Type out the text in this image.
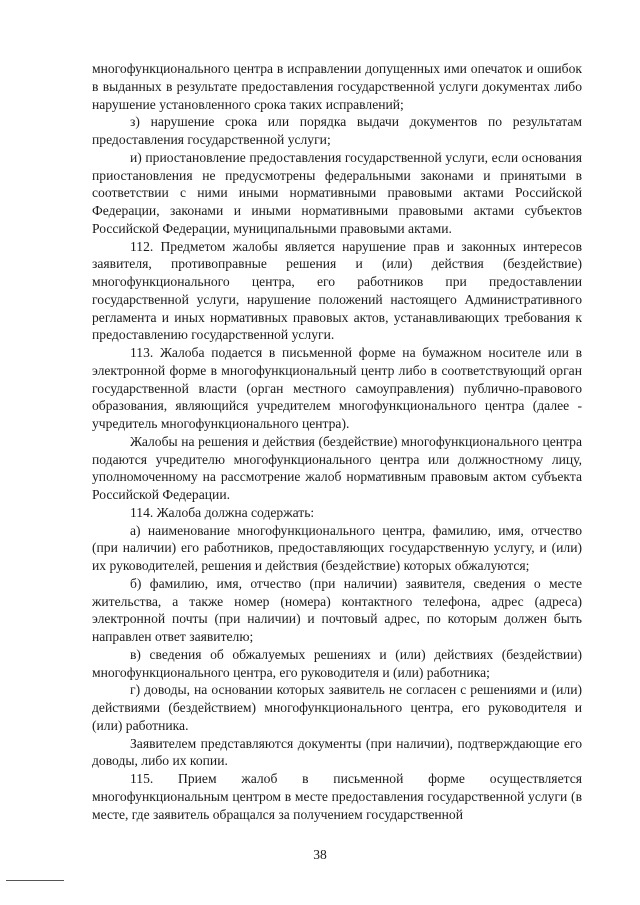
многофункционального центра в исправлении допущенных ими опечаток и ошибок в выданных в результате предоставления государственной услуги документах либо нарушение установленного срока таких исправлений;

з) нарушение срока или порядка выдачи документов по результатам предоставления государственной услуги;

и) приостановление предоставления государственной услуги, если основания приостановления не предусмотрены федеральными законами и принятыми в соответствии с ними иными нормативными правовыми актами Российской Федерации, законами и иными нормативными правовыми актами субъектов Российской Федерации, муниципальными правовыми актами.

112. Предметом жалобы является нарушение прав и законных интересов заявителя, противоправные решения и (или) действия (бездействие) многофункционального центра, его работников при предоставлении государственной услуги, нарушение положений настоящего Административного регламента и иных нормативных правовых актов, устанавливающих требования к предоставлению государственной услуги.

113. Жалоба подается в письменной форме на бумажном носителе или в электронной форме в многофункциональный центр либо в соответствующий орган государственной власти (орган местного самоуправления) публично-правового образования, являющийся учредителем многофункционального центра (далее - учредитель многофункционального центра).

Жалобы на решения и действия (бездействие) многофункционального центра подаются учредителю многофункционального центра или должностному лицу, уполномоченному на рассмотрение жалоб нормативным правовым актом субъекта Российской Федерации.

114. Жалоба должна содержать:

а) наименование многофункционального центра, фамилию, имя, отчество (при наличии) его работников, предоставляющих государственную услугу, и (или) их руководителей, решения и действия (бездействие) которых обжалуются;

б) фамилию, имя, отчество (при наличии) заявителя, сведения о месте жительства, а также номер (номера) контактного телефона, адрес (адреса) электронной почты (при наличии) и почтовый адрес, по которым должен быть направлен ответ заявителю;

в) сведения об обжалуемых решениях и (или) действиях (бездействии) многофункционального центра, его руководителя и (или) работника;

г) доводы, на основании которых заявитель не согласен с решениями и (или) действиями (бездействием) многофункционального центра, его руководителя и (или) работника.

Заявителем представляются документы (при наличии), подтверждающие его доводы, либо их копии.

115. Прием жалоб в письменной форме осуществляется многофункциональным центром в месте предоставления государственной услуги (в месте, где заявитель обращался за получением государственной

38
